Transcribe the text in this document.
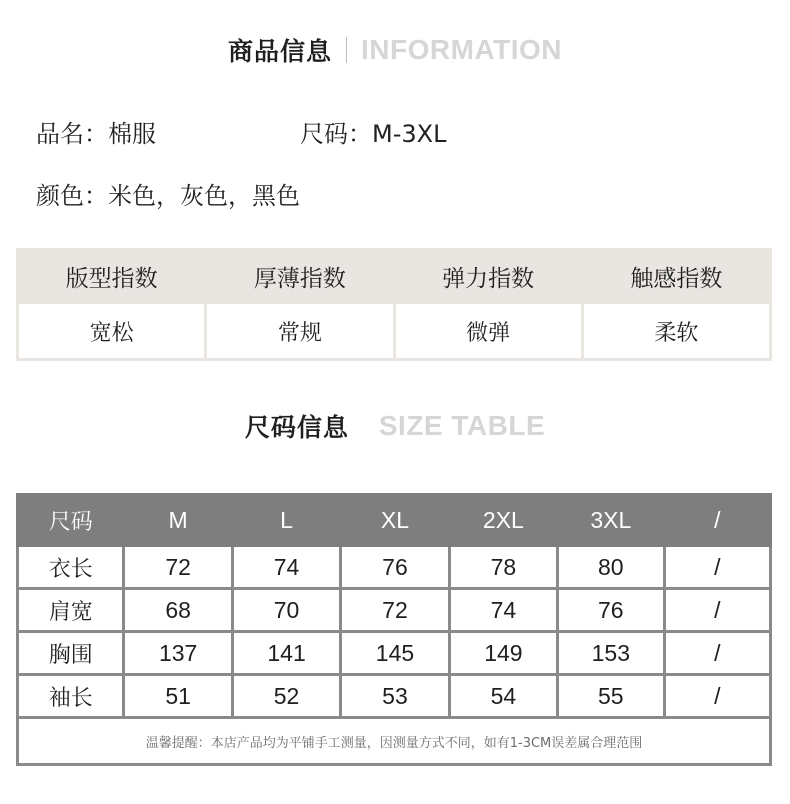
商品信息 INFORMATION
品名：棉服	尺码：M-3XL
颜色：米色，灰色，黑色
版型指数	厚薄指数	弹力指数	触感指数
宽松	常规	微弹	柔软
尺码信息 SIZE TABLE
尺码	M	L	XL	2XL	3XL	/
衣长	72	74	76	78	80	/
肩宽	68	70	72	74	76	/
胸围	137	141	145	149	153	/
袖长	51	52	53	54	55	/
温馨提醒：本店产品均为平铺手工测量，因测量方式不同，如有1-3CM误差属合理范围						
